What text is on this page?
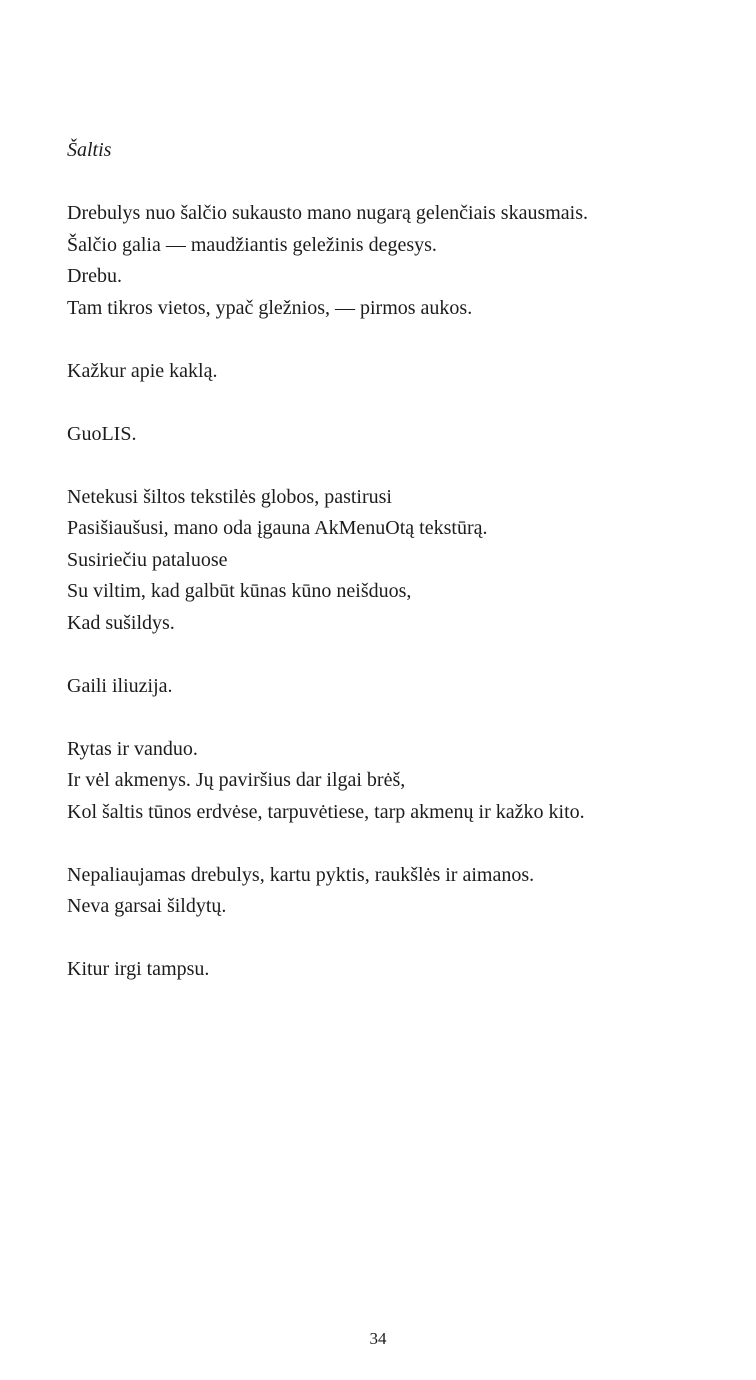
Šaltis
Drebulys nuo šalčio sukausto mano nugarą gelenčiais skausmais.
Šalčio galia — maudžiantis geležinis degesys.
Drebu.
Tam tikros vietos, ypač gležnios, — pirmos aukos.
Kažkur apie kaklą.
GuoLIS.
Netekusi šiltos tekstilės globos, pastirusi
Pasišiaušusi, mano oda įgauna AkMenuOtą tekstūrą.
Susiriečiu pataluose
Su viltim, kad galbūt kūnas kūno neišduos,
Kad sušildys.
Gaili iliuzija.
Rytas ir vanduo.
Ir vėl akmenys. Jų paviršius dar ilgai brėš,
Kol šaltis tūnos erdvėse, tarpuvėtiese, tarp akmenų ir kažko kito.
Nepaliaujamas drebulys, kartu pyktis, raukšlės ir aimanos.
Neva garsai šildytų.
Kitur irgi tampsu.
34
